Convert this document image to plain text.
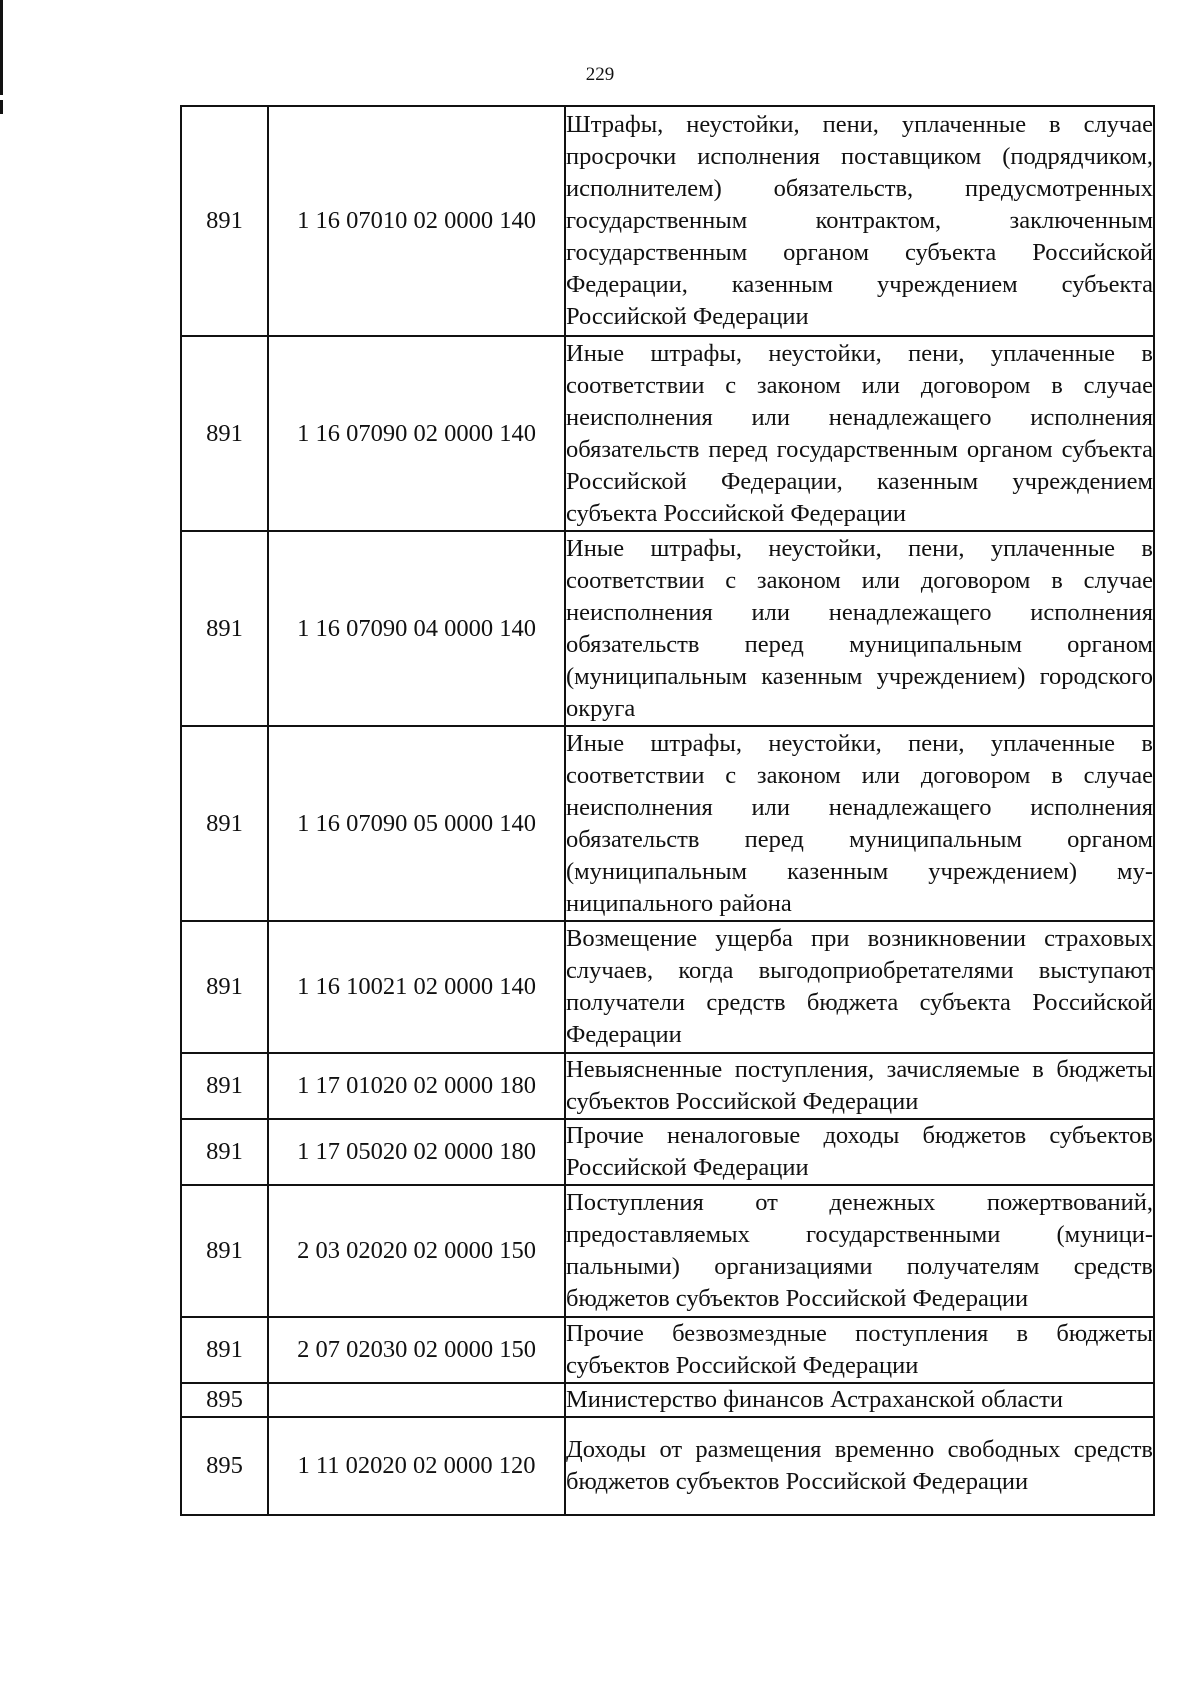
229
891	1 16 07010 02 0000 140	Штрафы, неустойки, пени, уплаченные в случае просрочки исполнения поставщиком (подрядчиком, исполнителем) обязательств, предусмотренных государственным контрактом, заключенным государственным органом субъекта Российской Федерации, казенным учреждением субъекта Российской Федерации
891	1 16 07090 02 0000 140	Иные штрафы, неустойки, пени, уплаченные в соответствии с законом или договором в случае неисполнения или ненадлежащего исполнения обязательств перед государственным органом субъекта Российской Федерации, казенным учреждением субъекта Российской Федерации
891	1 16 07090 04 0000 140	Иные штрафы, неустойки, пени, уплаченные в соответствии с законом или договором в случае неисполнения или ненадлежащего исполнения обязательств перед муниципальным органом (муниципальным казенным учреждением) городского округа
891	1 16 07090 05 0000 140	Иные штрафы, неустойки, пени, уплаченные в соответствии с законом или договором в случае неисполнения или ненадлежащего исполнения обязательств перед муниципальным органом (муниципальным казенным учреждением) муниципального района
891	1 16 10021 02 0000 140	Возмещение ущерба при возникновении страховых случаев, когда выгодоприобретателями выступают получатели средств бюджета субъекта Российской Федерации
891	1 17 01020 02 0000 180	Невыясненные поступления, зачисляемые в бюджеты субъектов Российской Федерации
891	1 17 05020 02 0000 180	Прочие неналоговые доходы бюджетов субъектов Российской Федерации
891	2 03 02020 02 0000 150	Поступления от денежных пожертвований, предоставляемых государственными (муниципальными) организациями получателям средств бюджетов субъектов Российской Федерации
891	2 07 02030 02 0000 150	Прочие безвозмездные поступления в бюджеты субъектов Российской Федерации
895		Министерство финансов Астраханской области
895	1 11 02020 02 0000 120	Доходы от размещения временно свободных средств бюджетов субъектов Российской Федерации
